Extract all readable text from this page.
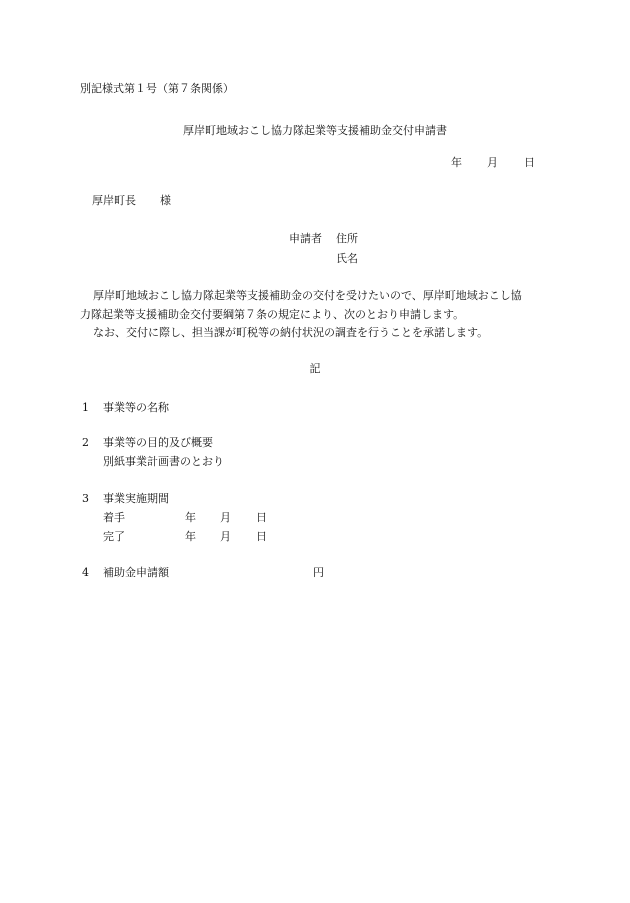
別記様式第１号（第７条関係）
厚岸町地域おこし協力隊起業等支援補助金交付申請書
年 月 日
厚岸町長 様
申請者 住所
氏名
厚岸町地域おこし協力隊起業等支援補助金の交付を受けたいので、厚岸町地域おこし協
力隊起業等支援補助金交付要綱第７条の規定により、次のとおり申請します。
なお、交付に際し、担当課が町税等の納付状況の調査を行うことを承諾します。
記
1 事業等の名称
2 事業等の目的及び概要
別紙事業計画書のとおり
3 事業実施期間
着手	年 月 日
完了	年 月 日
4 補助金申請額	円
